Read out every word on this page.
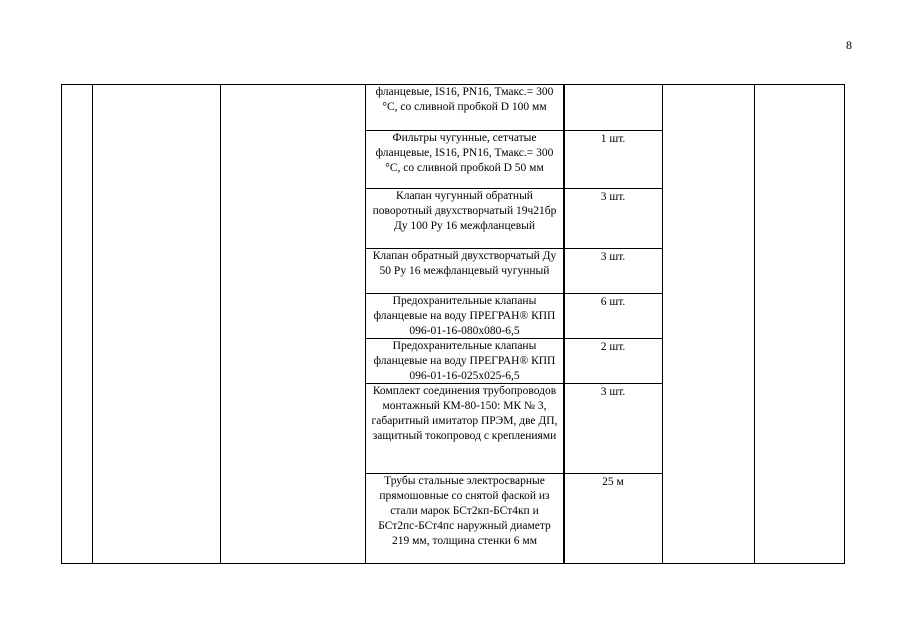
8
фланцевые, IS16, PN16, Тмакс.= 300 °С, со сливной пробкой D 100 мм
Фильтры чугунные, сетчатые фланцевые, IS16, PN16, Тмакс.= 300 °С, со сливной пробкой D 50 мм
1 шт.
Клапан чугунный обратный поворотный двухстворчатый 19ч21бр Ду 100 Ру 16 межфланцевый
3 шт.
Клапан обратный двухстворчатый Ду 50 Ру 16 межфланцевый чугунный
3 шт.
Предохранительные клапаны фланцевые на воду ПРЕГРАН® КПП 096-01-16-080х080-6,5
6 шт.
Предохранительные клапаны фланцевые на воду ПРЕГРАН® КПП 096-01-16-025х025-6,5
2 шт.
Комплект соединения трубопроводов монтажный КМ-80-150: МК № 3, габаритный имитатор ПРЭМ, две ДП, защитный токопровод с креплениями
3 шт.
Трубы стальные электросварные прямошовные со снятой фаской из стали марок БСт2кп-БСт4кп и БСт2пс-БСт4пс наружный диаметр 219 мм, толщина стенки 6 мм
25 м
